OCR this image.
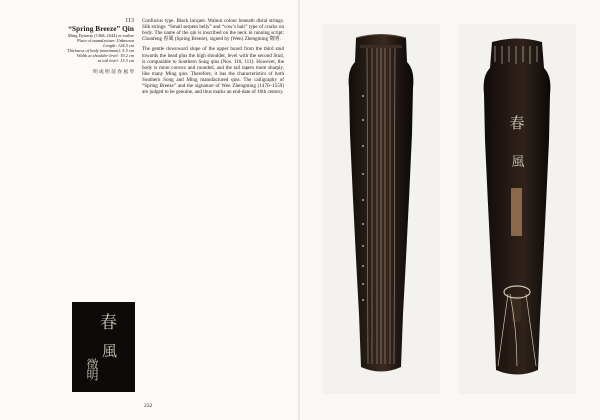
113
“Spring Breeze” Qin
Ming Dynasty (1368–1644) or earlier
Place of manufacture: Unknown
Length: 124.5 cm
Thickness of body (maximum): 5.5 cm
Width at shoulder level: 19.2 cm
at tail level: 13.3 cm
明 或 明 前 春 風 琴

Confucius type. Black lacquer. Walnut colour beneath distal strings. Silk strings. “Small serpent belly” and “cow’s hair” type of cracks on body. The name of the qin is inscribed on the neck in running script: Chunfeng 春風 (Spring Breeze), signed by (Wen) Zhengming 徵明.

The gentle downward slope of the upper board from the third stud towards the head plus the high shoulder, level with the second Stud, is comparable to Southern Song qins (Nos. 110, 111). However, the body is more convex and rounded, and the tail tapers more sharply, like many Ming qins. Therefore, it has the characteristics of both Southern Song and Ming manufactured qins. The calligraphy of “Spring Breeze” and the signature of Wen Zhengming (1470–1559) are judged to be genuine, and thus marks an end-date of 16th century.

春
風
徵明
232
春
風
